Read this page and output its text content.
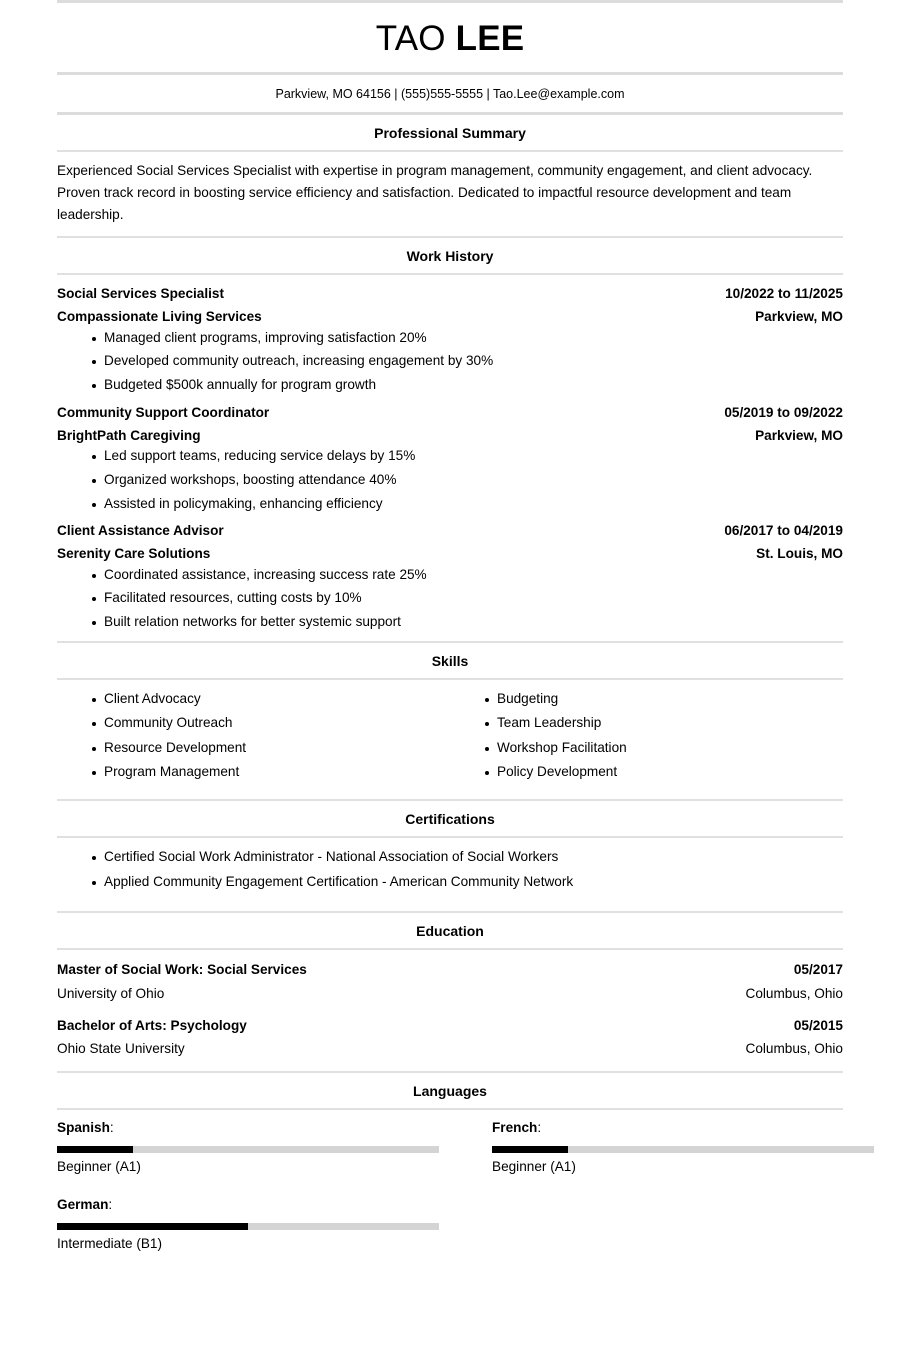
TAO LEE
Parkview, MO 64156 | (555)555-5555 | Tao.Lee@example.com
Professional Summary
Experienced Social Services Specialist with expertise in program management, community engagement, and client advocacy. Proven track record in boosting service efficiency and satisfaction. Dedicated to impactful resource development and team leadership.
Work History
Social Services Specialist	10/2022 to 11/2025
Compassionate Living Services	Parkview, MO
Managed client programs, improving satisfaction 20%
Developed community outreach, increasing engagement by 30%
Budgeted $500k annually for program growth
Community Support Coordinator	05/2019 to 09/2022
BrightPath Caregiving	Parkview, MO
Led support teams, reducing service delays by 15%
Organized workshops, boosting attendance 40%
Assisted in policymaking, enhancing efficiency
Client Assistance Advisor	06/2017 to 04/2019
Serenity Care Solutions	St. Louis, MO
Coordinated assistance, increasing success rate 25%
Facilitated resources, cutting costs by 10%
Built relation networks for better systemic support
Skills
Client Advocacy
Community Outreach
Resource Development
Program Management
Budgeting
Team Leadership
Workshop Facilitation
Policy Development
Certifications
Certified Social Work Administrator - National Association of Social Workers
Applied Community Engagement Certification - American Community Network
Education
Master of Social Work: Social Services	05/2017
University of Ohio	Columbus, Ohio
Bachelor of Arts: Psychology	05/2015
Ohio State University	Columbus, Ohio
Languages
Spanish:
Beginner (A1)
French:
Beginner (A1)
German:
Intermediate (B1)
